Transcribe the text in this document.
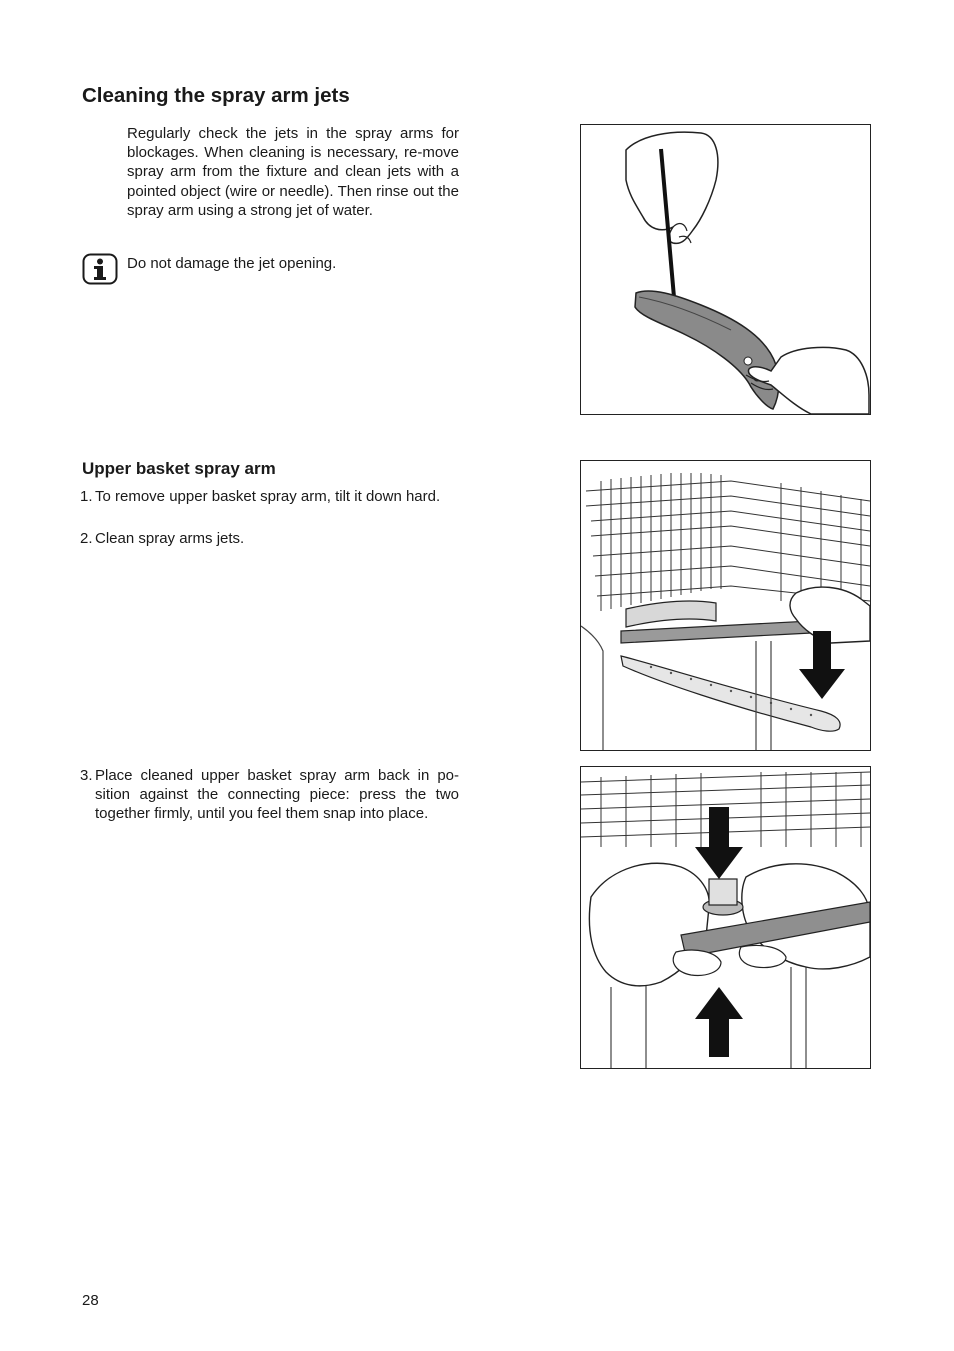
Cleaning the spray arm jets

Regularly check the jets in the spray arms for blockages. When cleaning is necessary, re-move spray arm from the fixture and clean jets with a pointed object (wire or needle). Then rinse out the spray arm using a strong jet of water.

Do not damage the jet opening.

Upper basket spray arm
1. To remove upper basket spray arm, tilt it down hard.
2. Clean spray arms jets.
3. Place cleaned upper basket spray arm back in po-sition against the connecting piece: press the two together firmly, until you feel them snap into place.
28
